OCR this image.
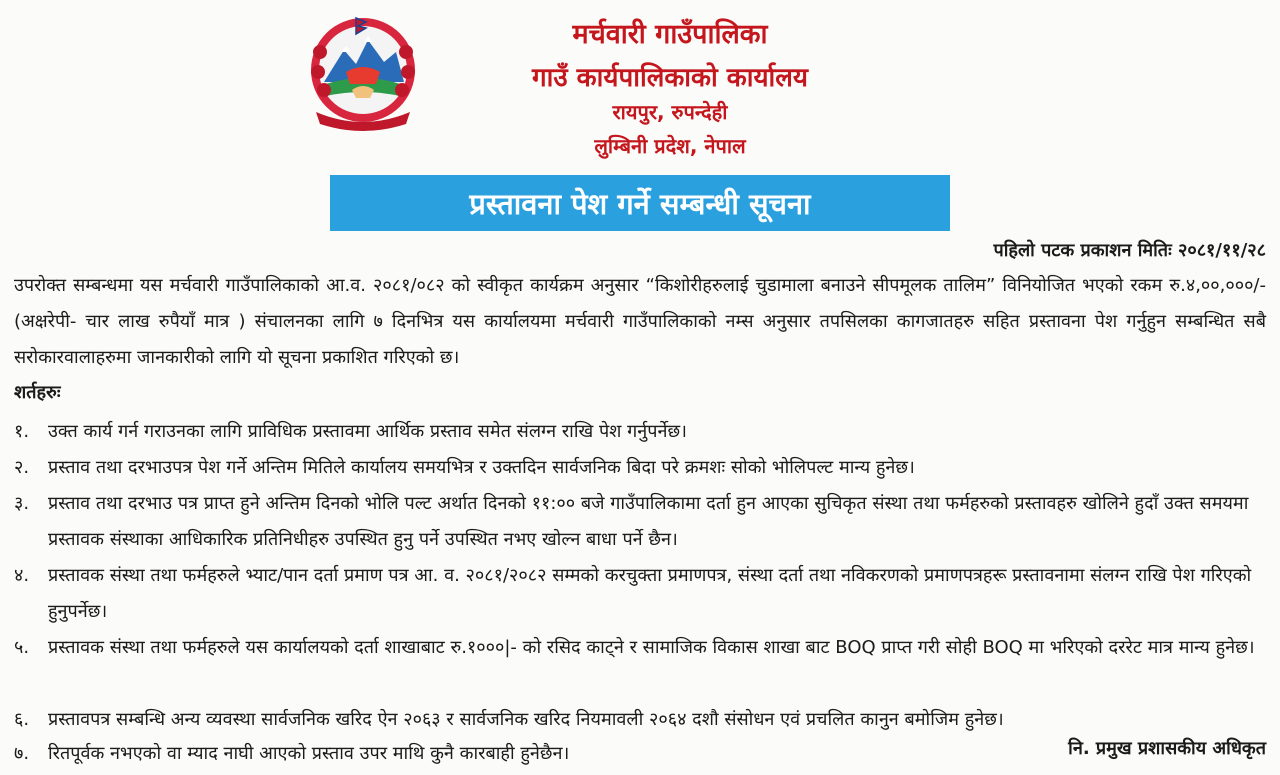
मर्चवारी गाउँपालिका
गाउँ कार्यपालिकाको कार्यालय
रायपुर, रुपन्देही
लुम्बिनी प्रदेश, नेपाल
प्रस्तावना पेश गर्ने सम्बन्धी सूचना
पहिलो पटक प्रकाशन मितिः २०८१/११/२८
उपरोक्त सम्बन्धमा यस मर्चवारी गाउँपालिकाको आ.व. २०८१/०८२ को स्वीकृत कार्यक्रम अनुसार “किशोरीहरुलाई चुडामाला बनाउने सीपमूलक तालिम” विनियोजित भएको रकम रु.४,००,०००/- (अक्षरेपी- चार लाख रुपैयाँ मात्र ) संचालनका लागि ७ दिनभित्र यस कार्यालयमा मर्चवारी गाउँपालिकाको नम्स अनुसार तपसिलका कागजातहरु सहित प्रस्तावना पेश गर्नुहुन सम्बन्धित सबै सरोकारवालाहरुमा जानकारीको लागि यो सूचना प्रकाशित गरिएको छ।
शर्तहरुः
१. उक्त कार्य गर्न गराउनका लागि प्राविधिक प्रस्तावमा आर्थिक प्रस्ताव समेत संलग्न राखि पेश गर्नुपर्नेछ।
२. प्रस्ताव तथा दरभाउपत्र पेश गर्ने अन्तिम मितिले कार्यालय समयभित्र र उक्तदिन सार्वजनिक बिदा परे क्रमशः सोको भोलिपल्ट मान्य हुनेछ।
३. प्रस्ताव तथा दरभाउ पत्र प्राप्त हुने अन्तिम दिनको भोलि पल्ट अर्थात दिनको ११:०० बजे गाउँपालिकामा दर्ता हुन आएका सुचिकृत संस्था तथा फर्महरुको प्रस्तावहरु खोलिने हुदाँ उक्त समयमा प्रस्तावक संस्थाका आधिकारिक प्रतिनिधीहरु उपस्थित हुनु पर्ने उपस्थित नभए खोल्न बाधा पर्ने छैन।
४. प्रस्तावक संस्था तथा फर्महरुले भ्याट/पान दर्ता प्रमाण पत्र आ. व. २०८१/२०८२ सम्मको करचुक्ता प्रमाणपत्र, संस्था दर्ता तथा नविकरणको प्रमाणपत्रहरू प्रस्तावनामा संलग्न राखि पेश गरिएको हुनुपर्नेछ।
५. प्रस्तावक संस्था तथा फर्महरुले यस कार्यालयको दर्ता शाखाबाट रु.१०००|- को रसिद काट्ने र सामाजिक विकास शाखा बाट BOQ प्राप्त गरी सोही BOQ मा भरिएको दररेट मात्र मान्य हुनेछ।
६. प्रस्तावपत्र सम्बन्धि अन्य व्यवस्था सार्वजनिक खरिद ऐन २०६३ र सार्वजनिक खरिद नियमावली २०६४ दशौ संसोधन एवं प्रचलित कानुन बमोजिम हुनेछ।
७. रितपूर्वक नभएको वा म्याद नाघी आएको प्रस्ताव उपर माथि कुनै कारबाही हुनेछैन।	नि. प्रमुख प्रशासकीय अधिकृत
